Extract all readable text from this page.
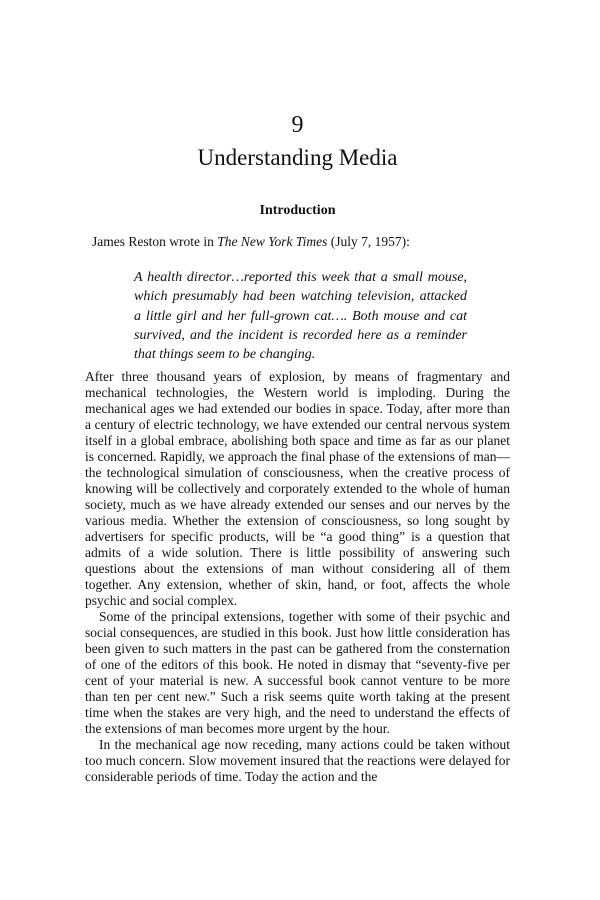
9
Understanding Media
Introduction

James Reston wrote in The New York Times (July 7, 1957):

A health director…reported this week that a small mouse, which presumably had been watching television, attacked a little girl and her full-grown cat…. Both mouse and cat survived, and the incident is recorded here as a reminder that things seem to be changing.

After three thousand years of explosion, by means of fragmentary and mechanical technologies, the Western world is imploding. During the mechanical ages we had extended our bodies in space. Today, after more than a century of electric technology, we have extended our central nervous system itself in a global embrace, abolishing both space and time as far as our planet is concerned. Rapidly, we approach the final phase of the extensions of man—the technological simulation of consciousness, when the creative process of knowing will be collectively and corporately extended to the whole of human society, much as we have already extended our senses and our nerves by the various media. Whether the extension of consciousness, so long sought by advertisers for specific products, will be “a good thing” is a question that admits of a wide solution. There is little possibility of answering such questions about the extensions of man without considering all of them together. Any extension, whether of skin, hand, or foot, affects the whole psychic and social complex.

Some of the principal extensions, together with some of their psychic and social consequences, are studied in this book. Just how little consideration has been given to such matters in the past can be gathered from the consternation of one of the editors of this book. He noted in dismay that “seventy-five per cent of your material is new. A successful book cannot venture to be more than ten per cent new.” Such a risk seems quite worth taking at the present time when the stakes are very high, and the need to understand the effects of the extensions of man becomes more urgent by the hour.

In the mechanical age now receding, many actions could be taken without too much concern. Slow movement insured that the reactions were delayed for considerable periods of time. Today the action and the
